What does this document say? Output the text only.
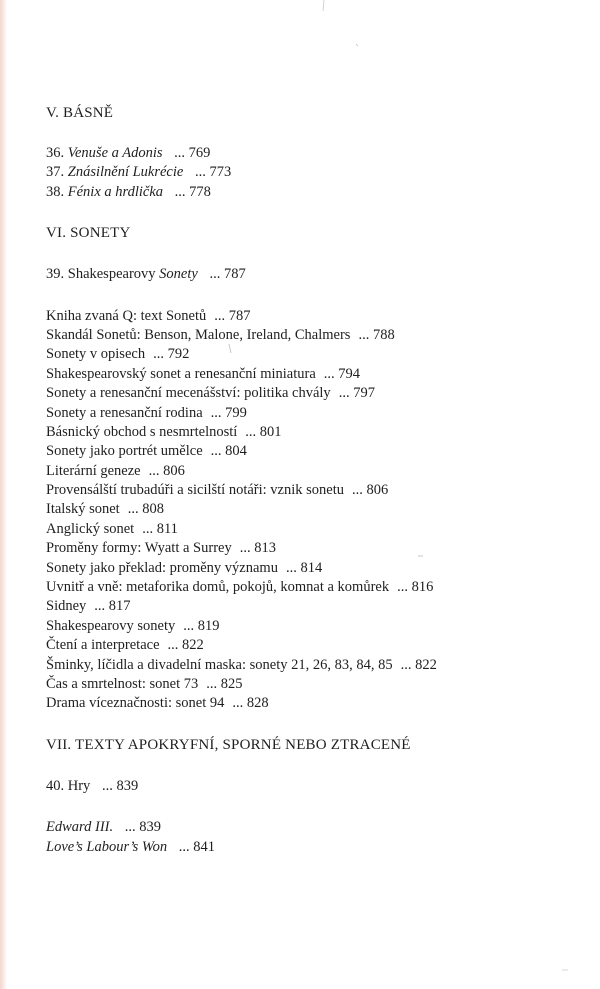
V. BÁSNĚ
36. Venuše a Adonis ... 769
37. Znásilnění Lukrécie ... 773
38. Fénix a hrdlička ... 778
VI. SONETY
39. Shakespearovy Sonety ... 787
Kniha zvaná Q: text Sonetů ... 787
Skandál Sonetů: Benson, Malone, Ireland, Chalmers ... 788
Sonety v opisech ... 792
Shakespearovský sonet a renesanční miniatura ... 794
Sonety a renesanční mecenášství: politika chvály ... 797
Sonety a renesanční rodina ... 799
Básnický obchod s nesmrtelností ... 801
Sonety jako portrét umělce ... 804
Literární geneze ... 806
Provensálští trubadúři a sicilští notáři: vznik sonetu ... 806
Italský sonet ... 808
Anglický sonet ... 811
Proměny formy: Wyatt a Surrey ... 813
Sonety jako překlad: proměny významu ... 814
Uvnitř a vně: metaforika domů, pokojů, komnat a komůrek ... 816
Sidney ... 817
Shakespearovy sonety ... 819
Čtení a interpretace ... 822
Šminky, líčidla a divadelní maska: sonety 21, 26, 83, 84, 85 ... 822
Čas a smrtelnost: sonet 73 ... 825
Drama víceznačnosti: sonet 94 ... 828
VII. TEXTY APOKRYFNÍ, SPORNÉ NEBO ZTRACENÉ
40. Hry ... 839
Edward III. ... 839
Love’s Labour’s Won ... 841
